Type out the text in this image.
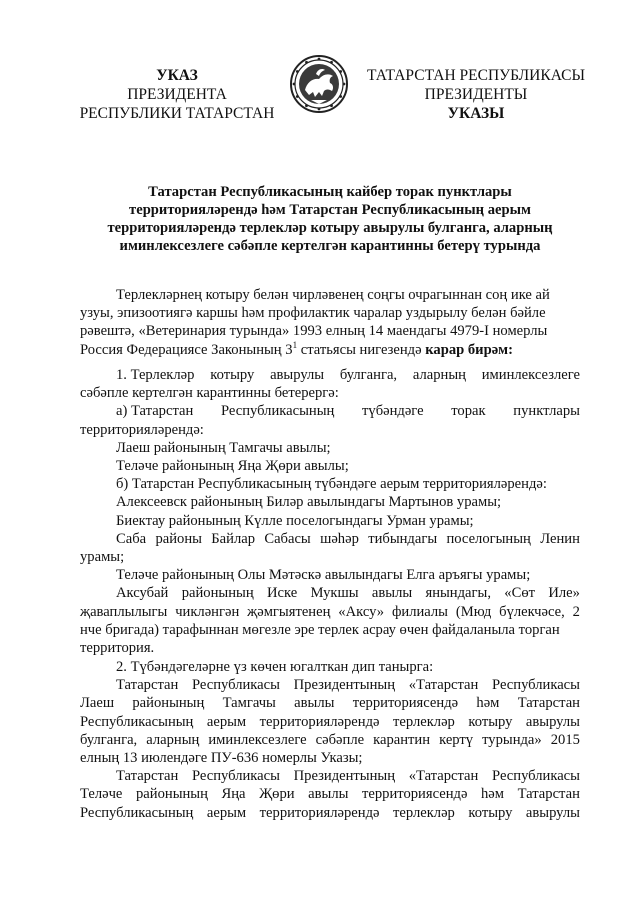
УКАЗ
ПРЕЗИДЕНТА
РЕСПУБЛИКИ ТАТАРСТАН
ТАТАРСТАН РЕСПУБЛИКАСЫ
ПРЕЗИДЕНТЫ
УКАЗЫ
Татарстан Республикасының кайбер торак пунктлары
территорияләрендә һәм Татарстан Республикасының аерым
территорияләрендә терлекләр котыру авырулы булганга, аларның
иминлексезлеге сәбәпле кертелгән карантинны бетерү турында
Терлекләрнең котыру белән чирләвенең соңгы очрагыннан соң ике ай
узуы, эпизоотиягә каршы һәм профилактик чаралар уздырылу белән бәйле
рәвештә, «Ветеринария турында» 1993 елның 14 маендагы 4979-I номерлы
Россия Федерациясе Законының $3^1$ статьясы нигезендә карар бирәм:
1. Терлекләр котыру авырулы булганга, аларның иминлексезлеге
сәбәпле кертелгән карантинны бетерергә:
а) Татарстан Республикасының түбәндәге торак пунктлары
территорияләрендә:
Лаеш районының Тамгачы авылы;
Теләче районының Яңа Җөри авылы;
б) Татарстан Республикасының түбәндәге аерым территорияләрендә:
Алексеевск районының Билəр авылындагы Мартынов урамы;
Биектау районының Күлле поселогындагы Урман урамы;
Саба районы Байлар Сабасы шәһәр тибындагы поселогының Ленин
урамы;
Теләче районының Олы Мәтәскә авылындагы Елга аръягы урамы;
Аксубай районының Иске Мукшы авылы янындагы, «Сөт Иле»
җаваплылыгы чикләнгән җәмгыятенең «Аксу» филиалы (Мюд бүлекчәсе, 2
нче бригада) тарафыннан мөгезле эре терлек асрау өчен файдаланыла торган
территория.
2. Түбәндәгеләрне үз көчен югалткан дип танырга:
Татарстан Республикасы Президентының «Татарстан Республикасы
Лаеш районының Тамгачы авылы территориясендә һәм Татарстан
Республикасының аерым территорияләрендә терлекләр котыру авырулы
булганга, аларның иминлексезлеге сәбәпле карантин кертү турында» 2015
елның 13 июлендәге ПУ-636 номерлы Указы;
Татарстан Республикасы Президентының «Татарстан Республикасы
Теләче районының Яңа Җөри авылы территориясендә һәм Татарстан
Республикасының аерым территорияләрендә терлекләр котыру авырулы
